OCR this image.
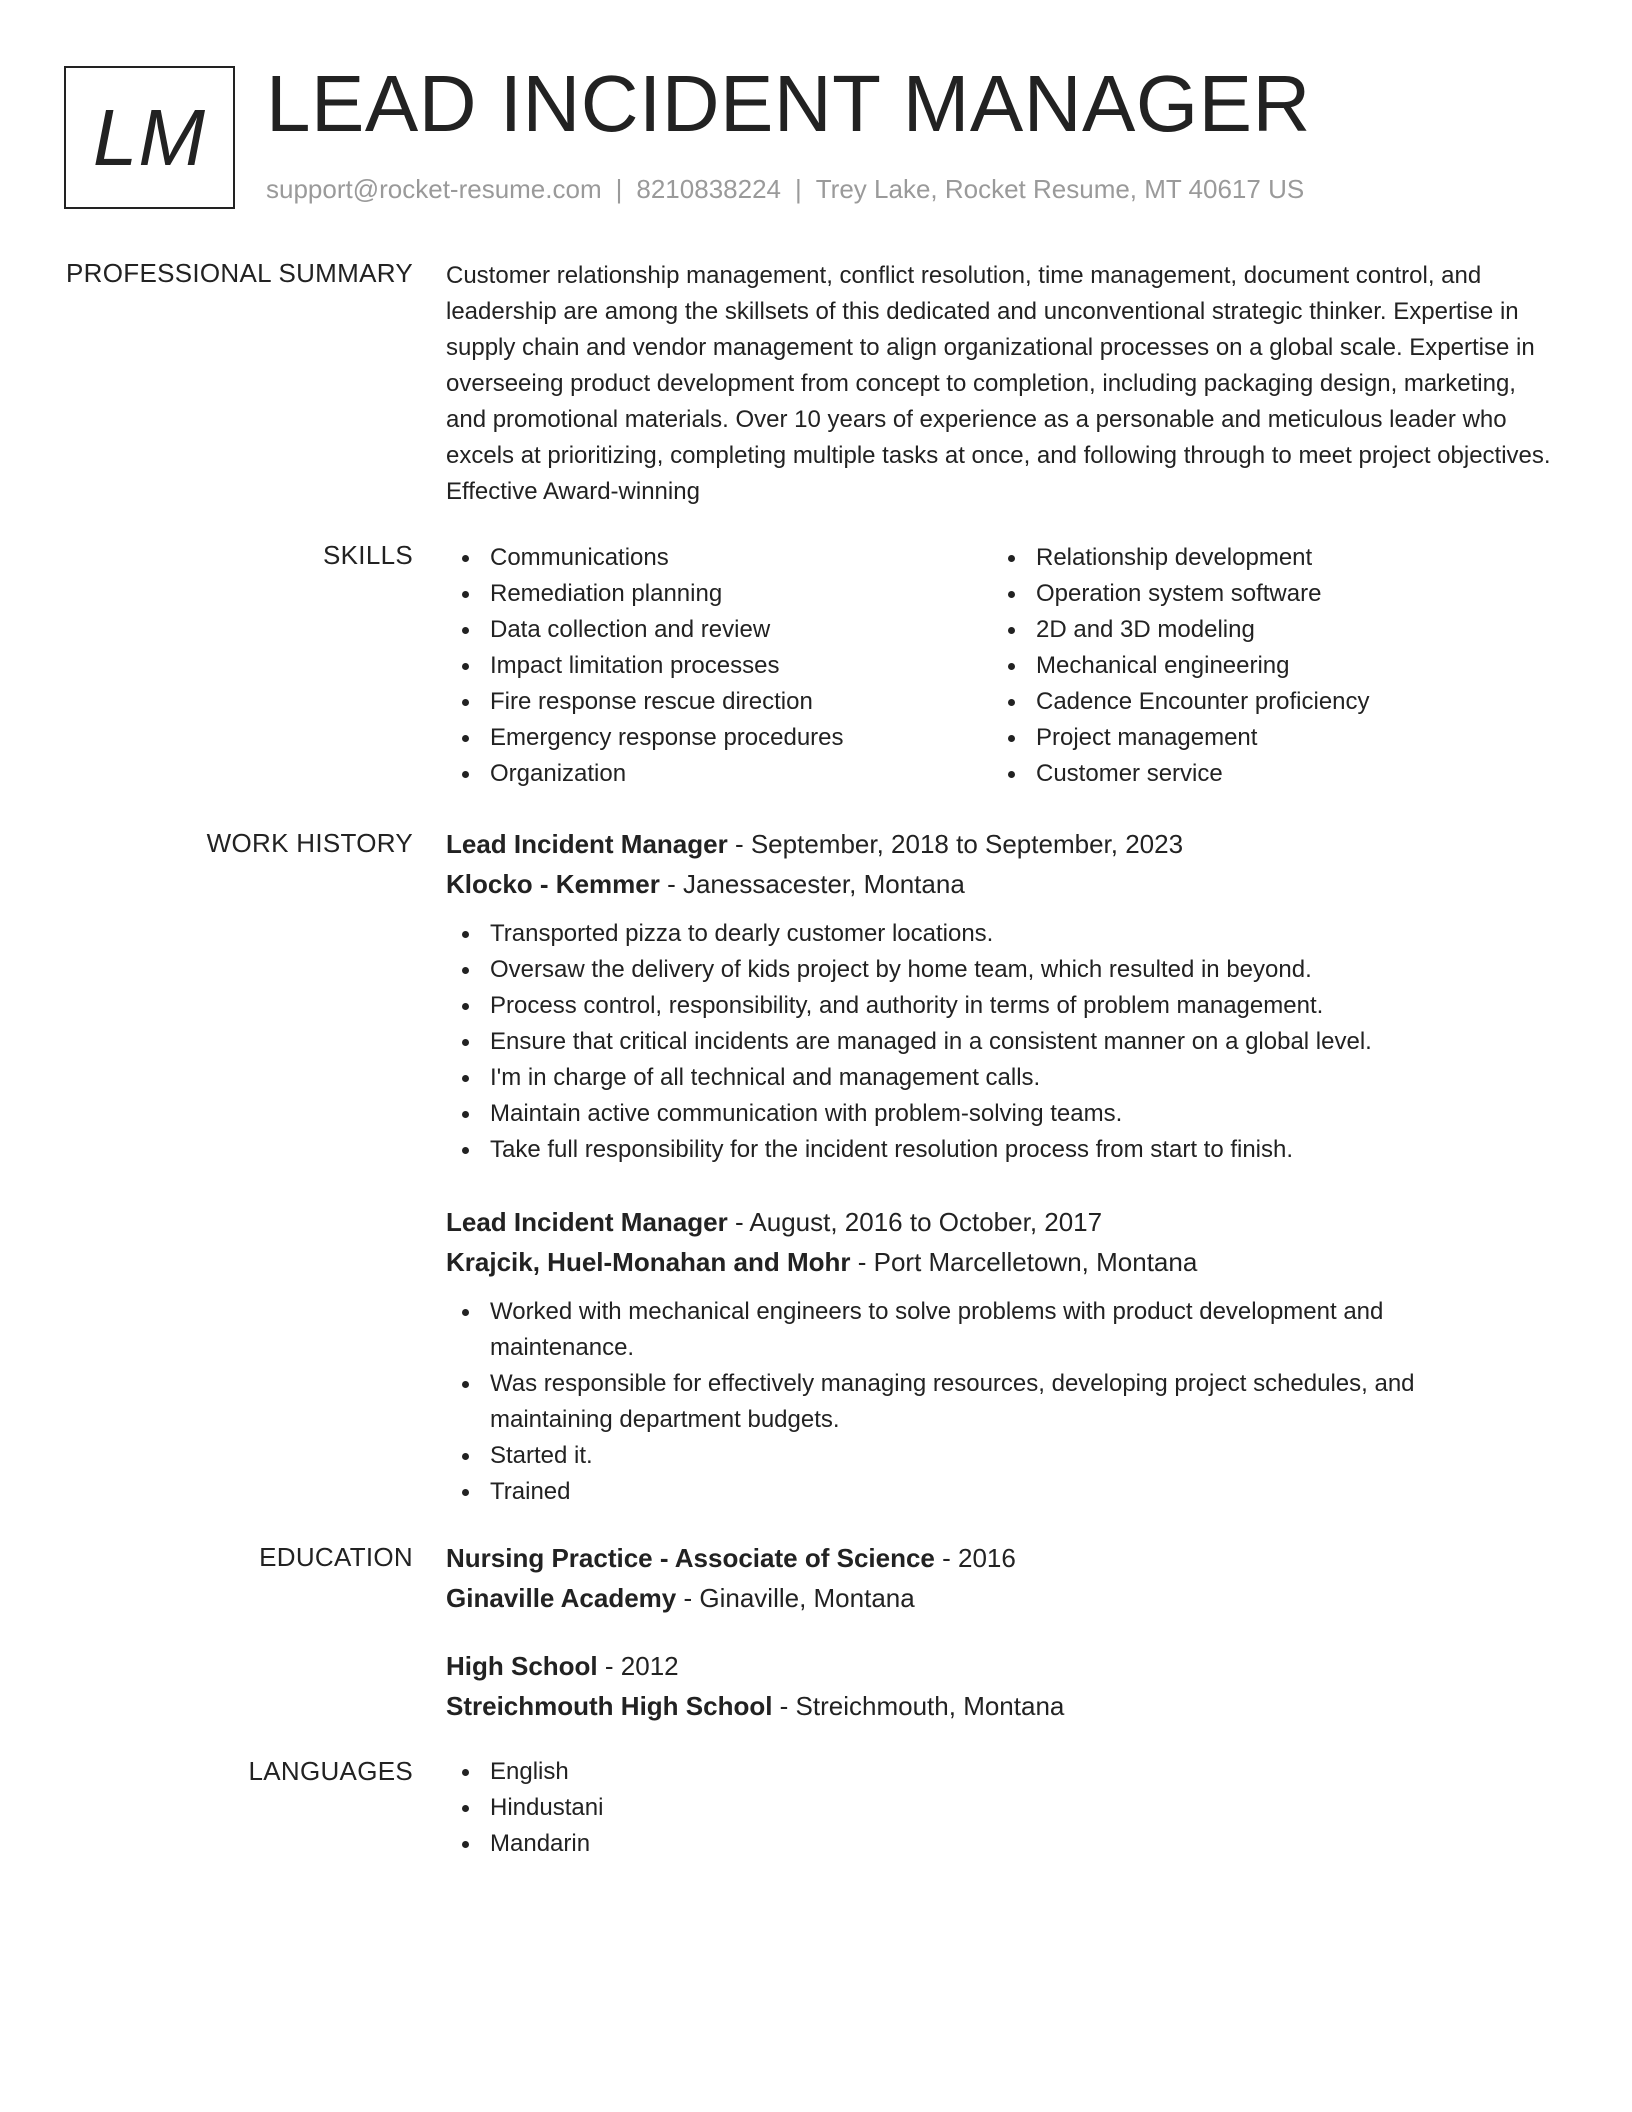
LM LEAD INCIDENT MANAGER
support@rocket-resume.com | 8210838224 | Trey Lake, Rocket Resume, MT 40617 US
PROFESSIONAL SUMMARY Customer relationship management, conflict resolution, time management, document control, and leadership are among the skillsets of this dedicated and unconventional strategic thinker. Expertise in supply chain and vendor management to align organizational processes on a global scale. Expertise in overseeing product development from concept to completion, including packaging design, marketing, and promotional materials. Over 10 years of experience as a personable and meticulous leader who excels at prioritizing, completing multiple tasks at once, and following through to meet project objectives. Effective Award-winning
SKILLS	Communications
Remediation planning
Data collection and review
Impact limitation processes
Fire response rescue direction
Emergency response procedures
Organization
Relationship development
Operation system software
2D and 3D modeling
Mechanical engineering
Cadence Encounter proficiency
Project management
Customer service
WORK HISTORY Lead Incident Manager - September, 2018 to September, 2023
Klocko - Kemmer - Janessacester, Montana
Transported pizza to dearly customer locations.
Oversaw the delivery of kids project by home team, which resulted in beyond.
Process control, responsibility, and authority in terms of problem management.
Ensure that critical incidents are managed in a consistent manner on a global level.
I'm in charge of all technical and management calls.
Maintain active communication with problem-solving teams.
Take full responsibility for the incident resolution process from start to finish.
Lead Incident Manager - August, 2016 to October, 2017
Krajcik, Huel-Monahan and Mohr - Port Marcelletown, Montana
Worked with mechanical engineers to solve problems with product development and maintenance.
Was responsible for effectively managing resources, developing project schedules, and maintaining department budgets.
Started it.
Trained
EDUCATION Nursing Practice - Associate of Science - 2016
Ginaville Academy - Ginaville, Montana
High School - 2012
Streichmouth High School - Streichmouth, Montana
LANGUAGES	English
Hindustani
Mandarin
